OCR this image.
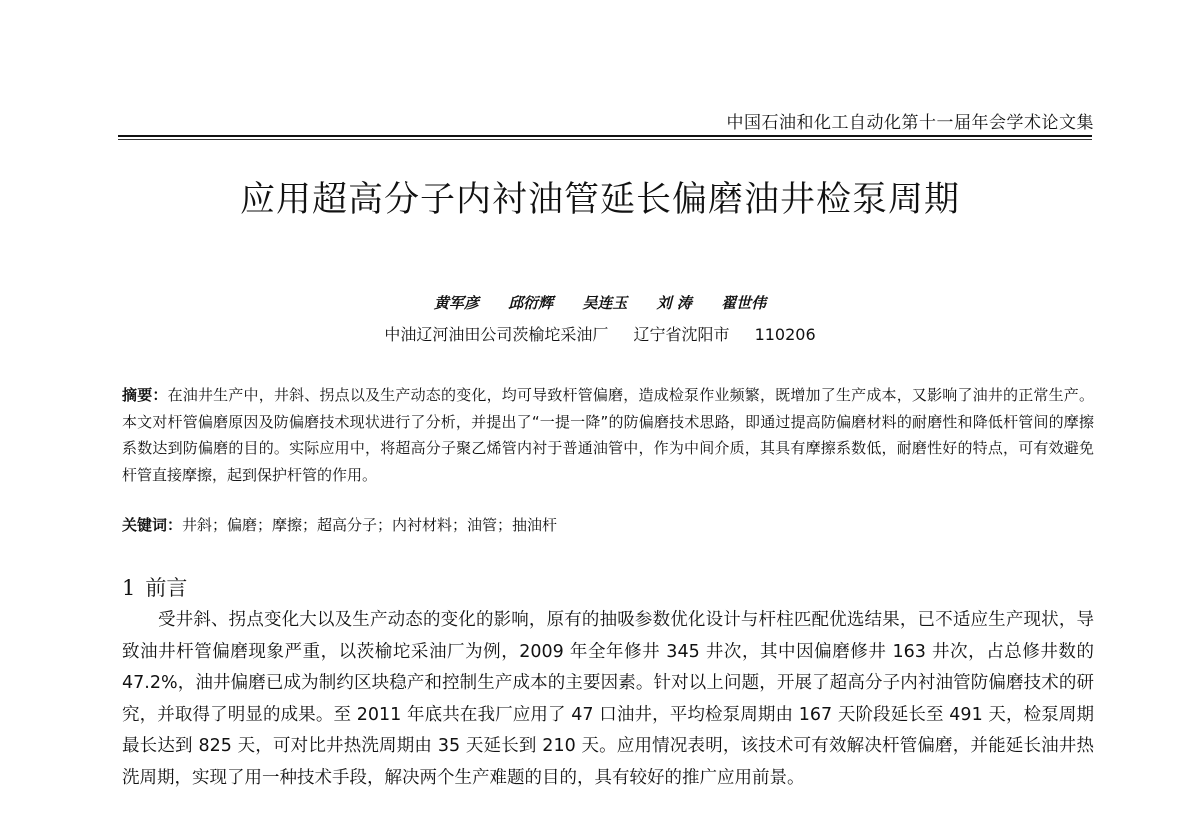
中国石油和化工自动化第十一届年会学术论文集
应用超高分子内衬油管延长偏磨油井检泵周期
黄军彦 邱衍辉 吴连玉 刘 涛 翟世伟
中油辽河油田公司茨榆坨采油厂 辽宁省沈阳市 110206
摘要：在油井生产中，井斜、拐点以及生产动态的变化，均可导致杆管偏磨，造成检泵作业频繁，既增加了生产成本，又影响了油井的正常生产。本文对杆管偏磨原因及防偏磨技术现状进行了分析，并提出了“一提一降”的防偏磨技术思路，即通过提高防偏磨材料的耐磨性和降低杆管间的摩擦系数达到防偏磨的目的。实际应用中，将超高分子聚乙烯管内衬于普通油管中，作为中间介质，其具有摩擦系数低，耐磨性好的特点，可有效避免杆管直接摩擦，起到保护杆管的作用。
关键词：井斜；偏磨；摩擦；超高分子；内衬材料；油管；抽油杆
1 前言

受井斜、拐点变化大以及生产动态的变化的影响，原有的抽吸参数优化设计与杆柱匹配优选结果，已不适应生产现状，导致油井杆管偏磨现象严重，以茨榆坨采油厂为例，2009 年全年修井 345 井次，其中因偏磨修井 163 井次，占总修井数的 47.2%，油井偏磨已成为制约区块稳产和控制生产成本的主要因素。针对以上问题，开展了超高分子内衬油管防偏磨技术的研究，并取得了明显的成果。至 2011 年底共在我厂应用了 47 口油井，平均检泵周期由 167 天阶段延长至 491 天，检泵周期最长达到 825 天，可对比井热洗周期由 35 天延长到 210 天。应用情况表明，该技术可有效解决杆管偏磨，并能延长油井热洗周期，实现了用一种技术手段，解决两个生产难题的目的，具有较好的推广应用前景。
